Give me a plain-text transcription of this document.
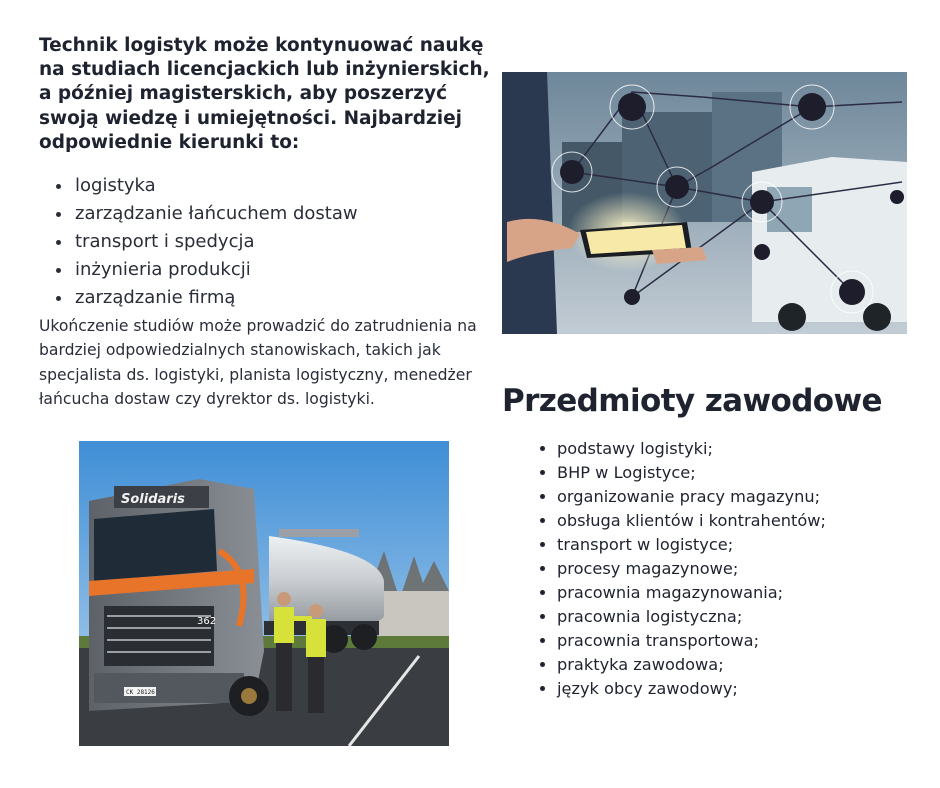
Technik logistyk może kontynuować naukę na studiach licencjackich lub inżynierskich, a później magisterskich, aby poszerzyć swoją wiedzę i umiejętności. Najbardziej odpowiednie kierunki to:
• logistyka
• zarządzanie łańcuchem dostaw
• transport i spedycja
• inżynieria produkcji
• zarządzanie firmą
Ukończenie studiów może prowadzić do zatrudnienia na bardziej odpowiedzialnych stanowiskach, takich jak specjalista ds. logistyki, planista logistyczny, menedżer łańcucha dostaw czy dyrektor ds. logistyki.
Solidaris
362
CK 28126
Przedmioty zawodowe
• podstawy logistyki;
• BHP w Logistyce;
• organizowanie pracy magazynu;
• obsługa klientów i kontrahentów;
• transport w logistyce;
• procesy magazynowe;
• pracownia magazynowania;
• pracownia logistyczna;
• pracownia transportowa;
• praktyka zawodowa;
• język obcy zawodowy;
